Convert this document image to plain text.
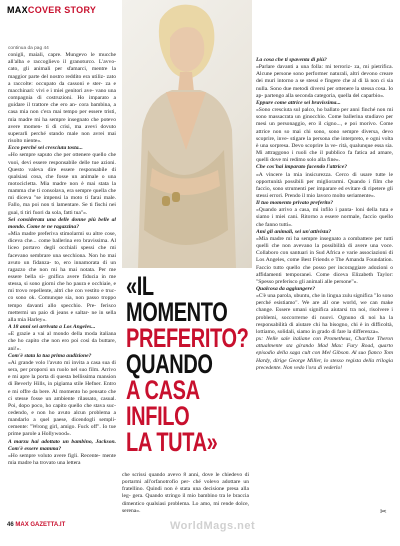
MAXCOVER STORY
«IL MOMENTO
PREFERITO?
QUANDO
A CASA INFILO
LA TUTA»

continua da pag 44

conigli, maiali, capre. Mungevo le mucche all'alba e raccoglievo il granoturco. L'avvo- cato, gli animali per sfamarci, mentre la maggior parte del nostro reddito era utiliz- zato a raccolte: occupato da cassoni e ster- za e macchinari: vivi e i miei genitori ave- vano una compagnia di costruzioni. Ho imparato a guidare il trattore che ero an- cora bambina, a casa mia non c'era mai tempo per essere tristi, mia madre mi ha sempre insegnato che potevo avere momen- ti di crisi, ma avevi dovuto superarli perché stando male non avrei mai risolto niente».

Ecco perché sei cresciuta tosta...

«Ho sempre saputo che per ottenere quello che vuoi, devi essere responsabile delle tue azioni. Questo valeva dire essere responsabile di qualsiasi cosa, che fosse un animale o una motocicletta. Mia madre non è mai stata la mamma che ti consolava, era sempre quella che mi diceva "se impensi la moto ti farai male. Fallo, ma poi non ti lamentare. Se ti fischi nei guai, ti tiri fuori da sola, fatti tua"».

Sei considerata una delle donne più belle al mondo. Come te ne ragazzina?

«Mia madre preferiva stimolarmi su altre cose, diceva che... come ballerina ero bravissima. Al liceo portavo degli occhiali spessi che mi facevano sembrare una secchiona. Non ho mai avuto un fidanza- to, ero innamorata di un ragazzo che non mi ha mai notata. Per me essere bella si- gnifica avere fiducia in me stessa, si sono giorni che ho paura e occhiaie, e mi trovo repellente, altri che con vestito e truc- co sono ok. Comunque sia, non passo troppo tempo davanti allo specchio. Pre- ferisco mettermi un paio di jeans e saltar- ne in sella alla mia Harley».

A 18 anni sei arrivata a Los Angeles...

«E grazie a vai al mondo della moda italiana che ho capito che non ero poi così da buttare, ani!».

Com'è stata la tua prima audizione?

«Ai grande volo l'avuto mi invita a casa sua di sera, per proporsi un ruolo nel suo film. Arrivo e mi apre la porta di questa bellissima mansion di Beverly Hills, in pigiama stile Hefner. Entro e mi offre da bere. Al momento ho pensato che ci stesse fosse un ambiente rilassato, casual. Poi, dopo poco, ho capito quello che stava suc- cedendo, e non ho avuto alcun problema a mandarlo a quel paese, dicendogli sempli- cemente: "Wrong girl, amigo. Fuck off". Io tue prime parole a Hollywood».

A marzu hai adottato un bambino, Jackson. Com'è essere mamma?

«Ho sempre voluto avere figli. Recente- mente mia madre ha trovato una lettera

che scrissi quando avevo 8 anni, dove le chiedevo di portarmi all'orfanotrofio per- ché volevo adottare un fratellino. Quindi non è stata una decisione presa alla leg- gera. Quando stringo il mio bambino tra le braccia dimentico qualsiasi problema. Lo amo, mi rende dolce, serena».

La cosa che ti spaventa di più?

«Parlare davanti a una folla: mi terroriz- za, mi pietrifica. Alcune persone sono performer naturali, altri devono creare dei muri intorno a se stessi e fingere che al di là non ci sia nulla. Sono due metodi diversi per ottenere la stessa cosa. Io ap- partengo alla seconda categoria, quella del caparbio».

Eppure come attrice sei bravissima...

«Sono cresciuta sul palco, ho ballato per anni finché non mi sono massacrata un ginocchio. Come ballerina studiavo per mesi un personaggio, ero il cigno..., e poi morivo. Come attrice non so mai chi sono, sono sempre diversa, devo scoprire, inve- stigare la persona che interpreto, e ogni volta è una sorpresa. Devo scoprire la ve- rità, qualunque essa sia. Mi attraggono i ruoli che il pubblico fa fatica ad amare, quelli dove mi redimo solo alla fine».

Che cos'hai imparato facendo l'attrice?

«A vincere la mia insicurezza. Cerco di usare tutte le opportunità possibili per migliorarmi. Quando i film che faccio, sono strumenti per imparare ed evitare di ripetere gli stessi errori. Prendo il mio lavoro molto seriamente».

Il tuo momento privato preferito?

«Quando arrivo a casa, mi infilo i panta- loni della tuta e siamo i miei cani. Ritorno a essere normale, faccio quello che fanno tutti».

Ami gli animali, sei un'attivista?

«Mia madre mi ha sempre insegnato a combattere per tutti quelli che non avevano la possibilità di avere una voce. Collaboro con santuari in Sud Africa e varie associazioni di Los Angeles, come Best Friends e The Amanda Foundation. Faccio tutto quello che posso per incoraggiare adozioni o affidamenti temporanei. Come diceva Elizabeth Taylor: "Spesso preferisco gli animali alle persone"».

Qualcosa da aggiungere?

«C'è una parola, ubuntu, che in lingua zulu significa "Io sono perché esistiamo". We are all one world, we can make change. Essere umani significa aiutarsi tra noi, risolvere i problemi, soccorrerne di nuovi. Ognuno di noi ha la responsabilità di aiutare chi ha bisogno, chi è in difficoltà, lottiamo, solidali, siamo in grado di fare la differenza».

px: Nelle sale italiane con Prometheus, Charlize Theron attualmente sta girando Mad Max: Fury Road, quarto episodio della saga cult con Mel Gibson. Al suo fianco Tom Hardy, dirige George Miller, lo stesso regista della trilogia precedente. Non vedo l'ora di vederlo!

✂
46 MAX GAZETTA.IT	WorldMags.net
